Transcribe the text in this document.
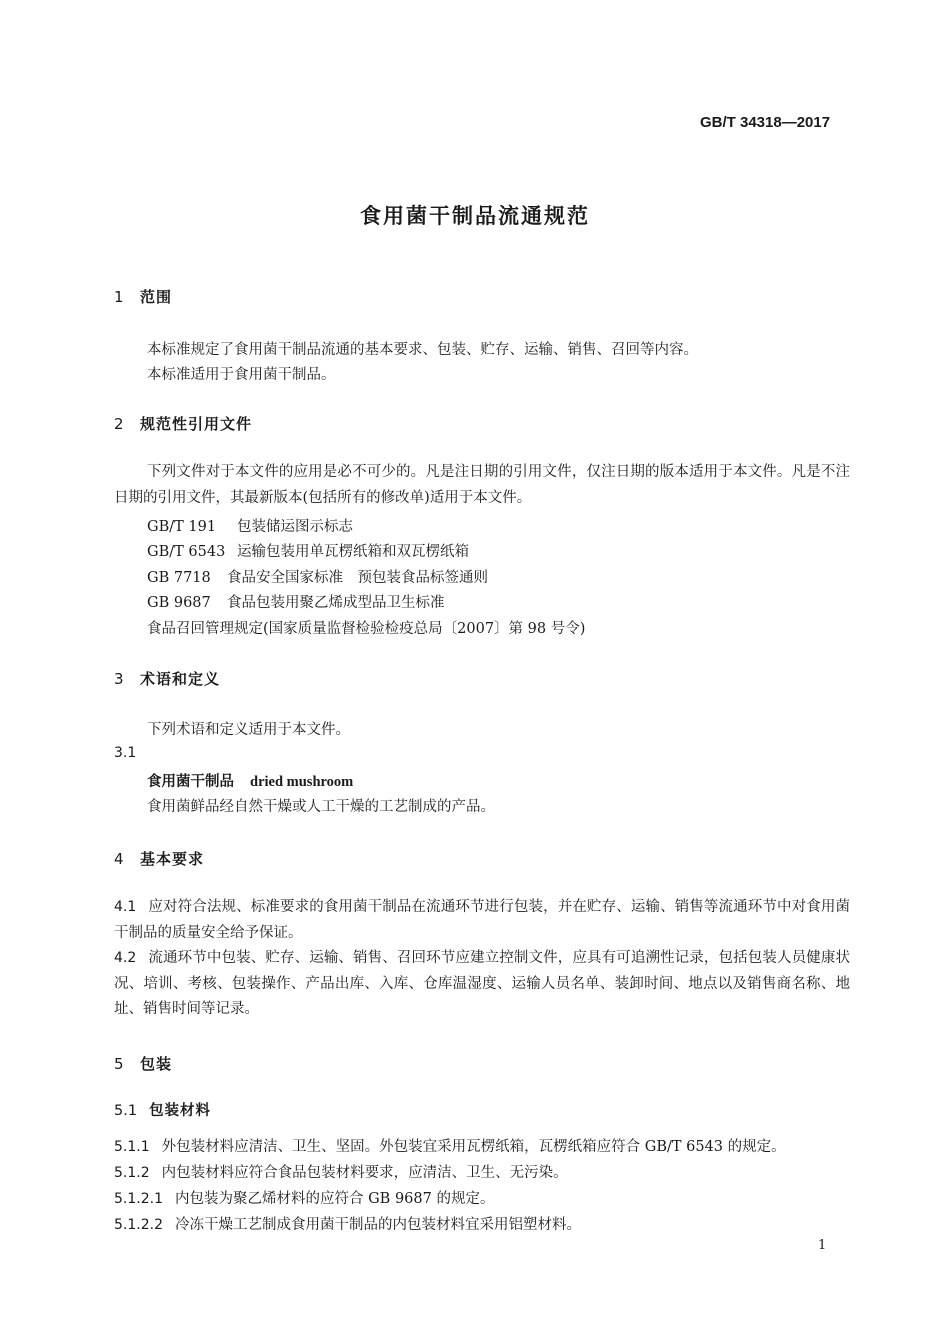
GB/T 34318—2017
食用菌干制品流通规范
1 范围
本标准规定了食用菌干制品流通的基本要求、包装、贮存、运输、销售、召回等内容。
本标准适用于食用菌干制品。
2 规范性引用文件
下列文件对于本文件的应用是必不可少的。凡是注日期的引用文件，仅注日期的版本适用于本文件。凡是不注日期的引用文件，其最新版本(包括所有的修改单)适用于本文件。
GB/T 191 包装储运图示标志
GB/T 6543 运输包装用单瓦楞纸箱和双瓦楞纸箱
GB 7718 食品安全国家标准　预包装食品标签通则
GB 9687 食品包装用聚乙烯成型品卫生标准
食品召回管理规定(国家质量监督检验检疫总局〔2007〕第 98 号令)
3 术语和定义
下列术语和定义适用于本文件。
3.1
食用菌干制品 dried mushroom
食用菌鲜品经自然干燥或人工干燥的工艺制成的产品。
4 基本要求
4.1 应对符合法规、标准要求的食用菌干制品在流通环节进行包装，并在贮存、运输、销售等流通环节中对食用菌干制品的质量安全给予保证。
4.2 流通环节中包装、贮存、运输、销售、召回环节应建立控制文件，应具有可追溯性记录，包括包装人员健康状况、培训、考核、包装操作、产品出库、入库、仓库温湿度、运输人员名单、装卸时间、地点以及销售商名称、地址、销售时间等记录。
5 包装
5.1 包装材料
5.1.1 外包装材料应清洁、卫生、坚固。外包装宜采用瓦楞纸箱，瓦楞纸箱应符合 GB/T 6543 的规定。
5.1.2 内包装材料应符合食品包装材料要求，应清洁、卫生、无污染。
5.1.2.1 内包装为聚乙烯材料的应符合 GB 9687 的规定。
5.1.2.2 冷冻干燥工艺制成食用菌干制品的内包装材料宜采用铝塑材料。
1
